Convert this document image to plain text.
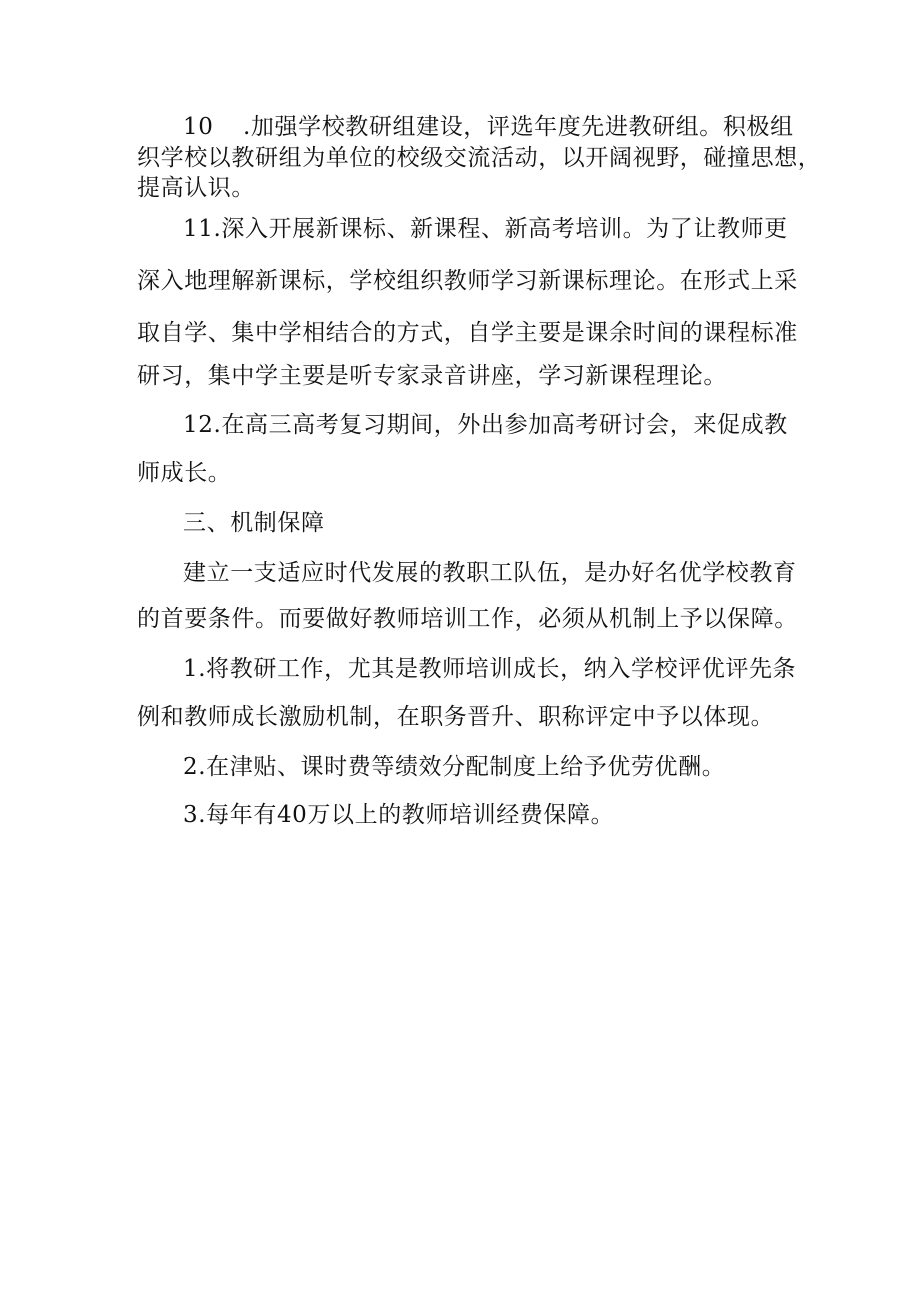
10 .加强学校教研组建设，评选年度先进教研组。积极组
织学校以教研组为单位的校级交流活动，以开阔视野，碰撞思想，
提高认识。
11.深入开展新课标、新课程、新高考培训。为了让教师更
深入地理解新课标，学校组织教师学习新课标理论。在形式上采
取自学、集中学相结合的方式，自学主要是课余时间的课程标准
研习，集中学主要是听专家录音讲座，学习新课程理论。
12.在高三高考复习期间，外出参加高考研讨会，来促成教
师成长。
三、机制保障
建立一支适应时代发展的教职工队伍，是办好名优学校教育
的首要条件。而要做好教师培训工作，必须从机制上予以保障。
1.将教研工作，尤其是教师培训成长，纳入学校评优评先条
例和教师成长激励机制，在职务晋升、职称评定中予以体现。
2.在津贴、课时费等绩效分配制度上给予优劳优酬。
3.每年有40万以上的教师培训经费保障。
